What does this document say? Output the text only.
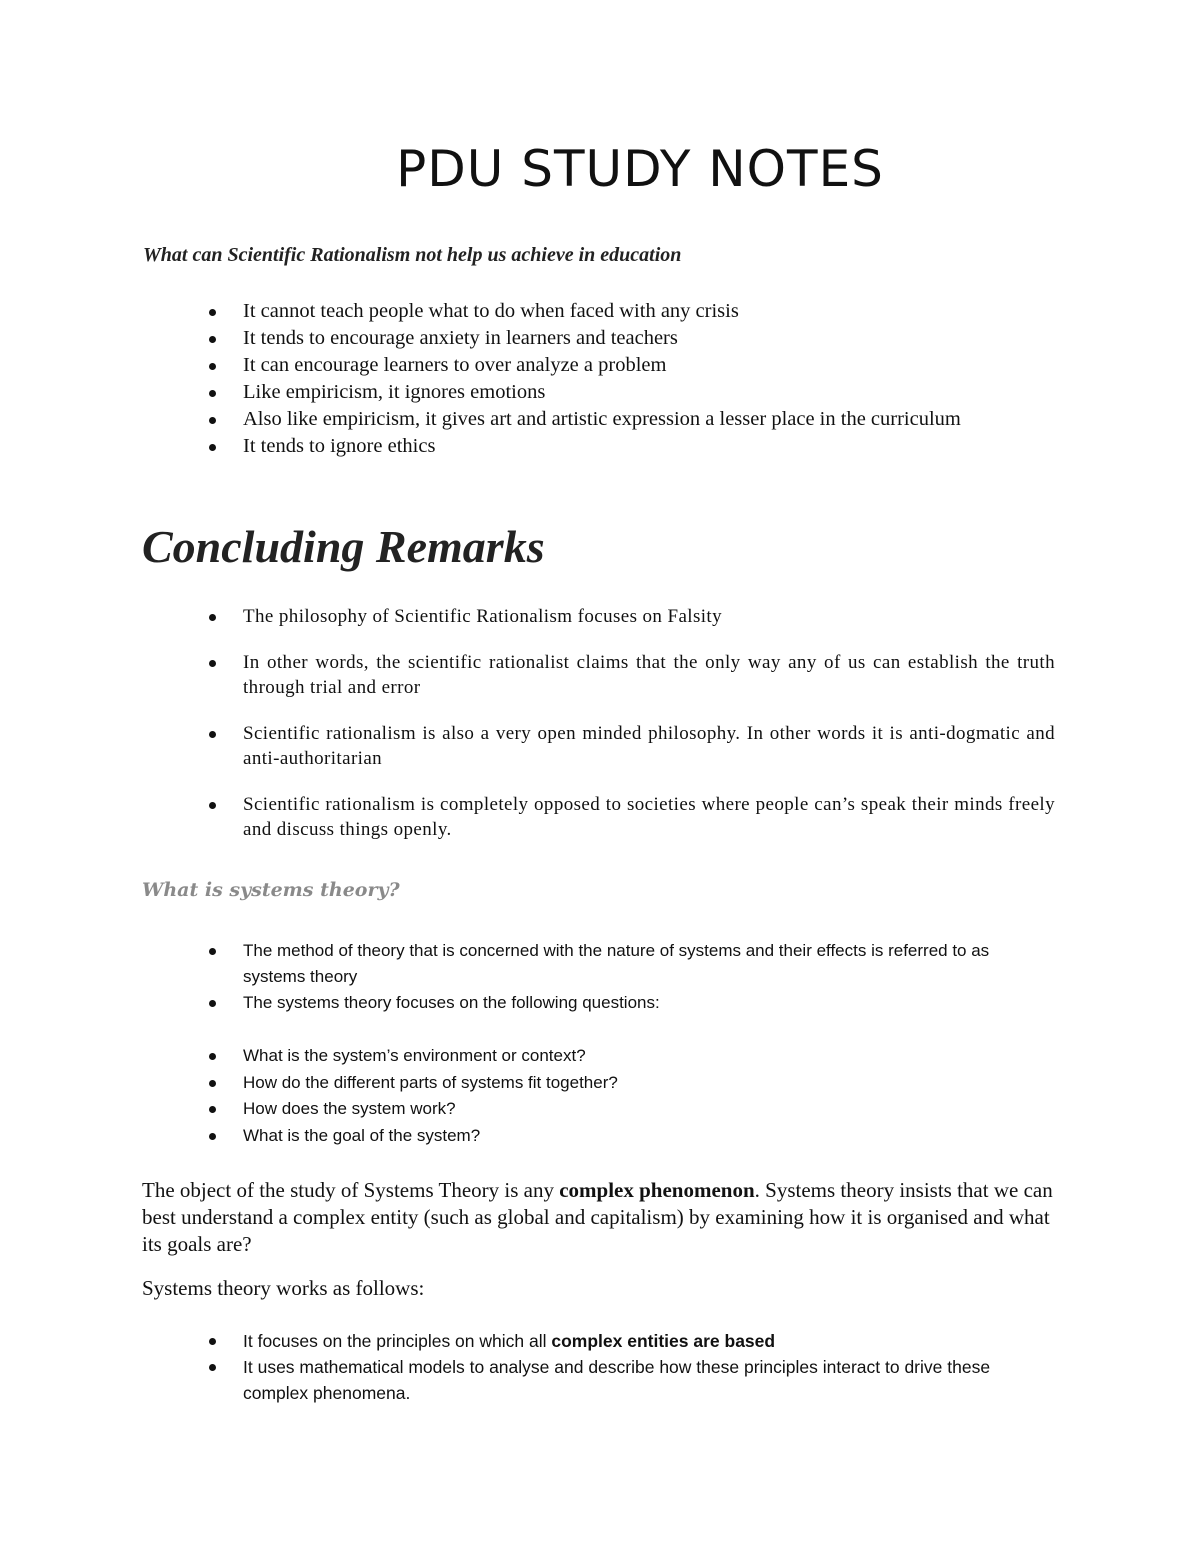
PDU STUDY NOTES
What can Scientific Rationalism not help us achieve in education
It cannot teach people what to do when faced with any crisis
It tends to encourage anxiety in learners and teachers
It can encourage learners to over analyze a problem
Like empiricism, it ignores emotions
Also like empiricism, it gives art and artistic expression a lesser place in the curriculum
It tends to ignore ethics
Concluding Remarks
The philosophy of Scientific Rationalism focuses on Falsity
In other words, the scientific rationalist claims that the only way any of us can establish the truth through trial and error
Scientific rationalism is also a very open minded philosophy. In other words it is anti-dogmatic and anti-authoritarian
Scientific rationalism is completely opposed to societies where people can’s speak their minds freely and discuss things openly.
What is systems theory?
The method of theory that is concerned with the nature of systems and their effects is referred to as systems theory
The systems theory focuses on the following questions:
What is the system’s environment or context?
How do the different parts of systems fit together?
How does the system work?
What is the goal of the system?
The object of the study of Systems Theory is any complex phenomenon. Systems theory insists that we can best understand a complex entity (such as global and capitalism) by examining how it is organised and what its goals are?
Systems theory works as follows:
It focuses on the principles on which all complex entities are based
It uses mathematical models to analyse and describe how these principles interact to drive these complex phenomena.
